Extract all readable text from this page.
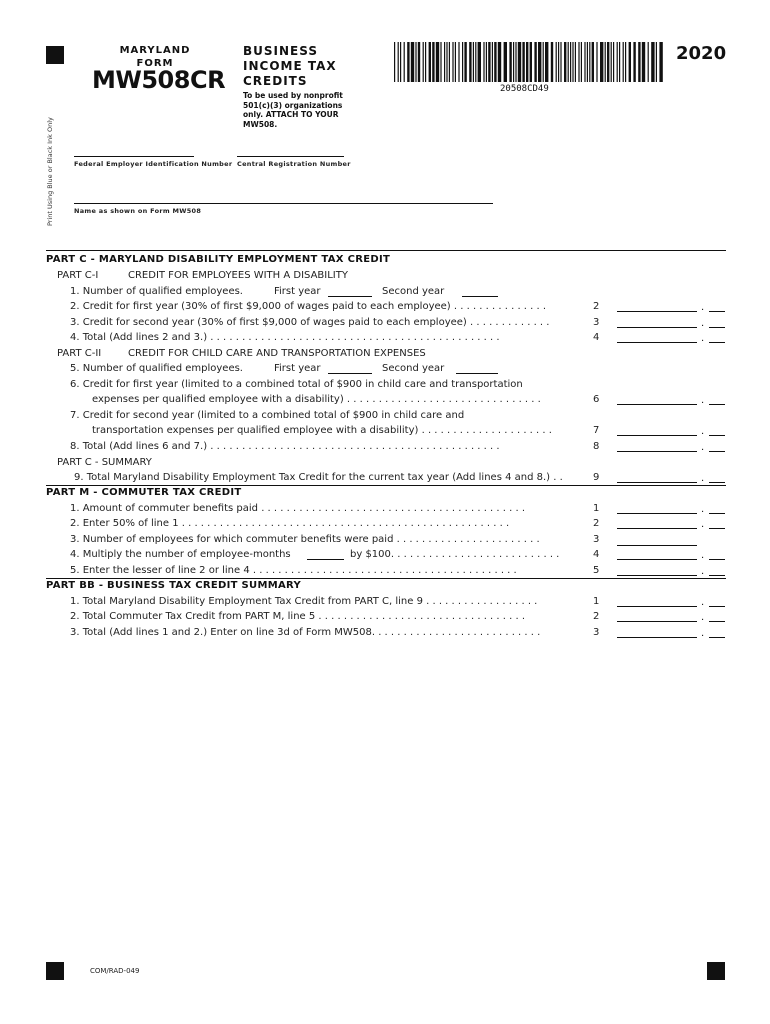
Print Using Blue or Black Ink Only
MARYLAND
FORM
MW508CR
BUSINESS
INCOME TAX
CREDITS
To be used by nonprofit 501(c)(3) organizations only. ATTACH TO YOUR MW508.
20508CD49
2020
Federal Employer Identification Number Central Registration Number
Name as shown on Form MW508
PART C - MARYLAND DISABILITY EMPLOYMENT TAX CREDIT
PART C-I	CREDIT FOR EMPLOYEES WITH A DISABILITY
1. Number of qualified employees.	First year	Second year
2. Credit for first year (30% of first $9,000 of wages paid to each employee) . . . . . . . . . . . . . . .	2	.
3. Credit for second year (30% of first $9,000 of wages paid to each employee) . . . . . . . . . . . . .	3	.
4. Total (Add lines 2 and 3.) . . . . . . . . . . . . . . . . . . . . . . . . . . . . . . . . . . . . . . . . . . . . . .	4	.
PART C-II	CREDIT FOR CHILD CARE AND TRANSPORTATION EXPENSES
5. Number of qualified employees.	First year	Second year
6. Credit for first year (limited to a combined total of $900 in child care and transportation
expenses per qualified employee with a disability) . . . . . . . . . . . . . . . . . . . . . . . . . . . . . . .	6	.
7. Credit for second year (limited to a combined total of $900 in child care and
transportation expenses per qualified employee with a disability) . . . . . . . . . . . . . . . . . . . . .	7	.
8. Total (Add lines 6 and 7.) . . . . . . . . . . . . . . . . . . . . . . . . . . . . . . . . . . . . . . . . . . . . . .	8	.
PART C - SUMMARY
9. Total Maryland Disability Employment Tax Credit for the current tax year (Add lines 4 and 8.) . .	9	.
PART M - COMMUTER TAX CREDIT
1. Amount of commuter benefits paid . . . . . . . . . . . . . . . . . . . . . . . . . . . . . . . . . . . . . . . . . .	1	.
2. Enter 50% of line 1 . . . . . . . . . . . . . . . . . . . . . . . . . . . . . . . . . . . . . . . . . . . . . . . . . . . .	2	.
3. Number of employees for which commuter benefits were paid . . . . . . . . . . . . . . . . . . . . . . .	3
4. Multiply the number of employee-months	by $100. . . . . . . . . . . . . . . . . . . . . . . . . . .	4	.
5. Enter the lesser of line 2 or line 4 . . . . . . . . . . . . . . . . . . . . . . . . . . . . . . . . . . . . . . . . . .	5	.
PART BB - BUSINESS TAX CREDIT SUMMARY
1. Total Maryland Disability Employment Tax Credit from PART C, line 9 . . . . . . . . . . . . . . . . . .	1	.
2. Total Commuter Tax Credit from PART M, line 5 . . . . . . . . . . . . . . . . . . . . . . . . . . . . . . . . .	2	.
3. Total (Add lines 1 and 2.) Enter on line 3d of Form MW508. . . . . . . . . . . . . . . . . . . . . . . . . . .	3	.
COM/RAD-049
